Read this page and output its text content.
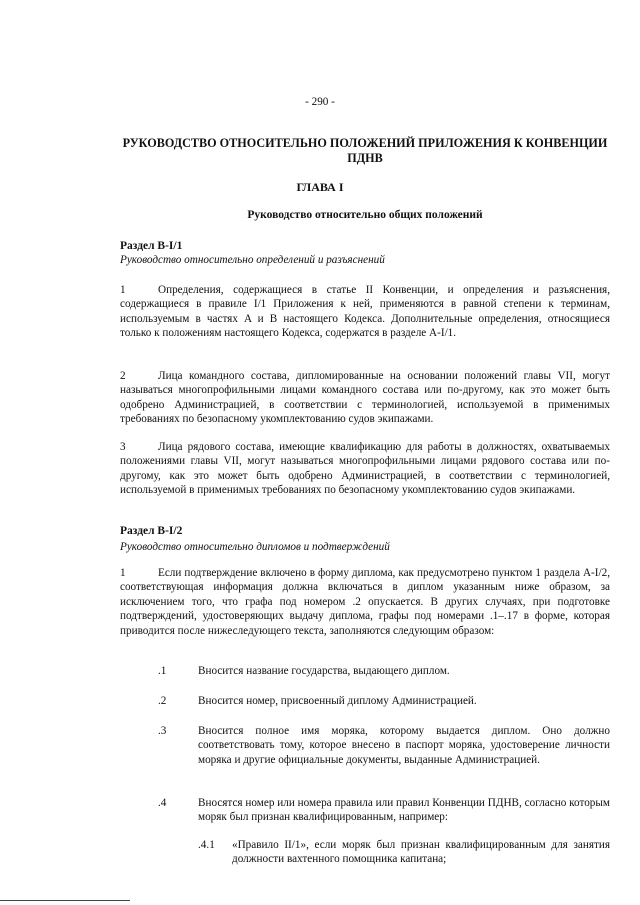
- 290 -
РУКОВОДСТВО ОТНОСИТЕЛЬНО ПОЛОЖЕНИЙ ПРИЛОЖЕНИЯ К КОНВЕНЦИИ ПДНВ
ГЛАВА I
Руководство относительно общих положений
Раздел B-I/1
Руководство относительно определений и разъяснений
1	Определения, содержащиеся в статье II Конвенции, и определения и разъяснения, содержащиеся в правиле I/1 Приложения к ней, применяются в равной степени к терминам, используемым в частях A и B настоящего Кодекса. Дополнительные определения, относящиеся только к положениям настоящего Кодекса, содержатся в разделе A-I/1.
2	Лица командного состава, дипломированные на основании положений главы VII, могут называться многопрофильными лицами командного состава или по-другому, как это может быть одобрено Администрацией, в соответствии с терминологией, используемой в применимых требованиях по безопасному укомплектованию судов экипажами.
3	Лица рядового состава, имеющие квалификацию для работы в должностях, охватываемых положениями главы VII, могут называться многопрофильными лицами рядового состава или по-другому, как это может быть одобрено Администрацией, в соответствии с терминологией, используемой в применимых требованиях по безопасному укомплектованию судов экипажами.
Раздел B-I/2
Руководство относительно дипломов и подтверждений
1	Если подтверждение включено в форму диплома, как предусмотрено пунктом 1 раздела A-I/2, соответствующая информация должна включаться в диплом указанным ниже образом, за исключением того, что графа под номером .2 опускается. В других случаях, при подготовке подтверждений, удостоверяющих выдачу диплома, графы под номерами .1–.17 в форме, которая приводится после нижеследующего текста, заполняются следующим образом:
.1	Вносится название государства, выдающего диплом.
.2	Вносится номер, присвоенный диплому Администрацией.
.3	Вносится полное имя моряка, которому выдается диплом. Оно должно соответствовать тому, которое внесено в паспорт моряка, удостоверение личности моряка и другие официальные документы, выданные Администрацией.
.4	Вносятся номер или номера правила или правил Конвенции ПДНВ, согласно которым моряк был признан квалифицированным, например:
.4.1 «Правило II/1», если моряк был признан квалифицированным для занятия должности вахтенного помощника капитана;
